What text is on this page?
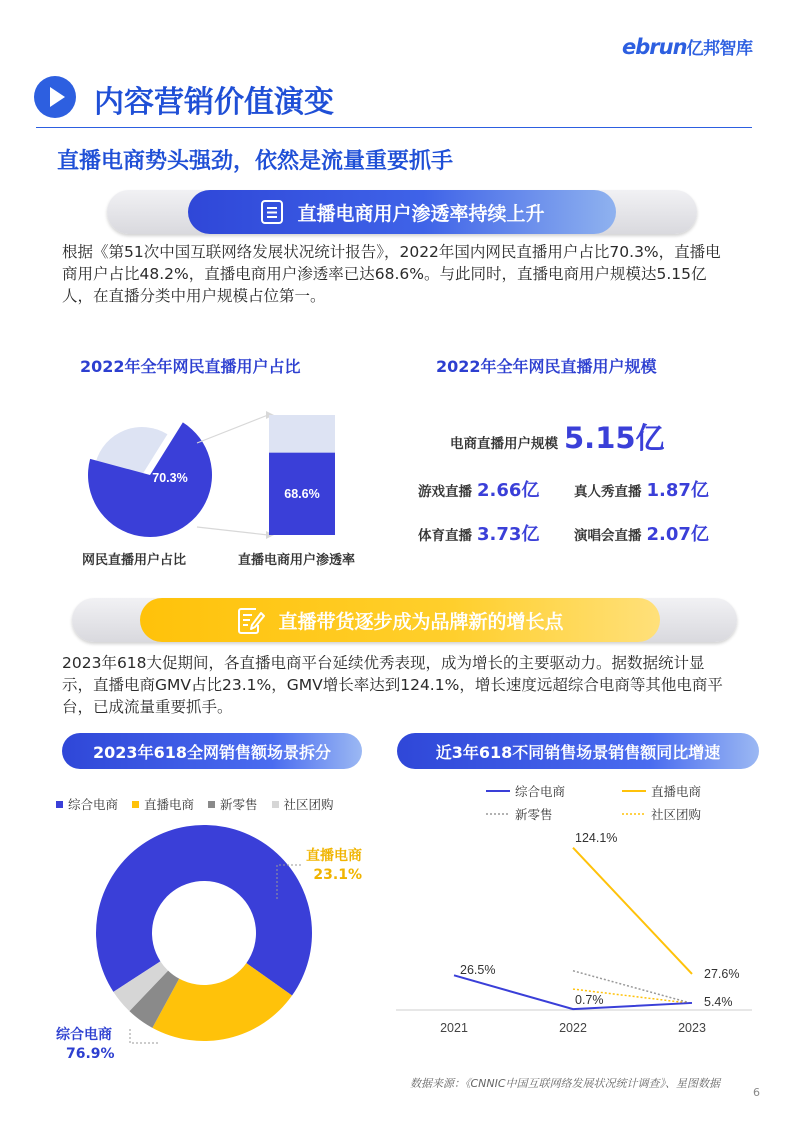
ebrun亿邦智库
内容营销价值演变
直播电商势头强劲，依然是流量重要抓手
直播电商用户渗透率持续上升
根据《第51次中国互联网络发展状况统计报告》，2022年国内网民直播用户占比70.3%，直播电商用户占比48.2%，直播电商用户渗透率已达68.6%。与此同时，直播电商用户规模达5.15亿人，在直播分类中用户规模占位第一。
2022年全年网民直播用户占比	2022年全年网民直播用户规模
70.3%
68.6%
网民直播用户占比	直播电商用户渗透率
电商直播用户规模 5.15亿
游戏直播 2.66亿	真人秀直播 1.87亿
体育直播 3.73亿	演唱会直播 2.07亿
直播带货逐步成为品牌新的增长点
2023年618大促期间，各直播电商平台延续优秀表现，成为增长的主要驱动力。据数据统计显示，直播电商GMV占比23.1%，GMV增长率达到124.1%，增长速度远超综合电商等其他电商平台，已成流量重要抓手。
2023年618全网销售额场景拆分	近3年618不同销售场景销售额同比增速
综合电商 直播电商 新零售 社区团购
直播电商
23.1%
综合电商
76.9%
综合电商	直播电商
新零售	社区团购
2021	2022	2023
26.5%
124.1%
27.6%
0.7%	5.4%
数据来源：《CNNIC中国互联网络发展状况统计调查》、星图数据
6
